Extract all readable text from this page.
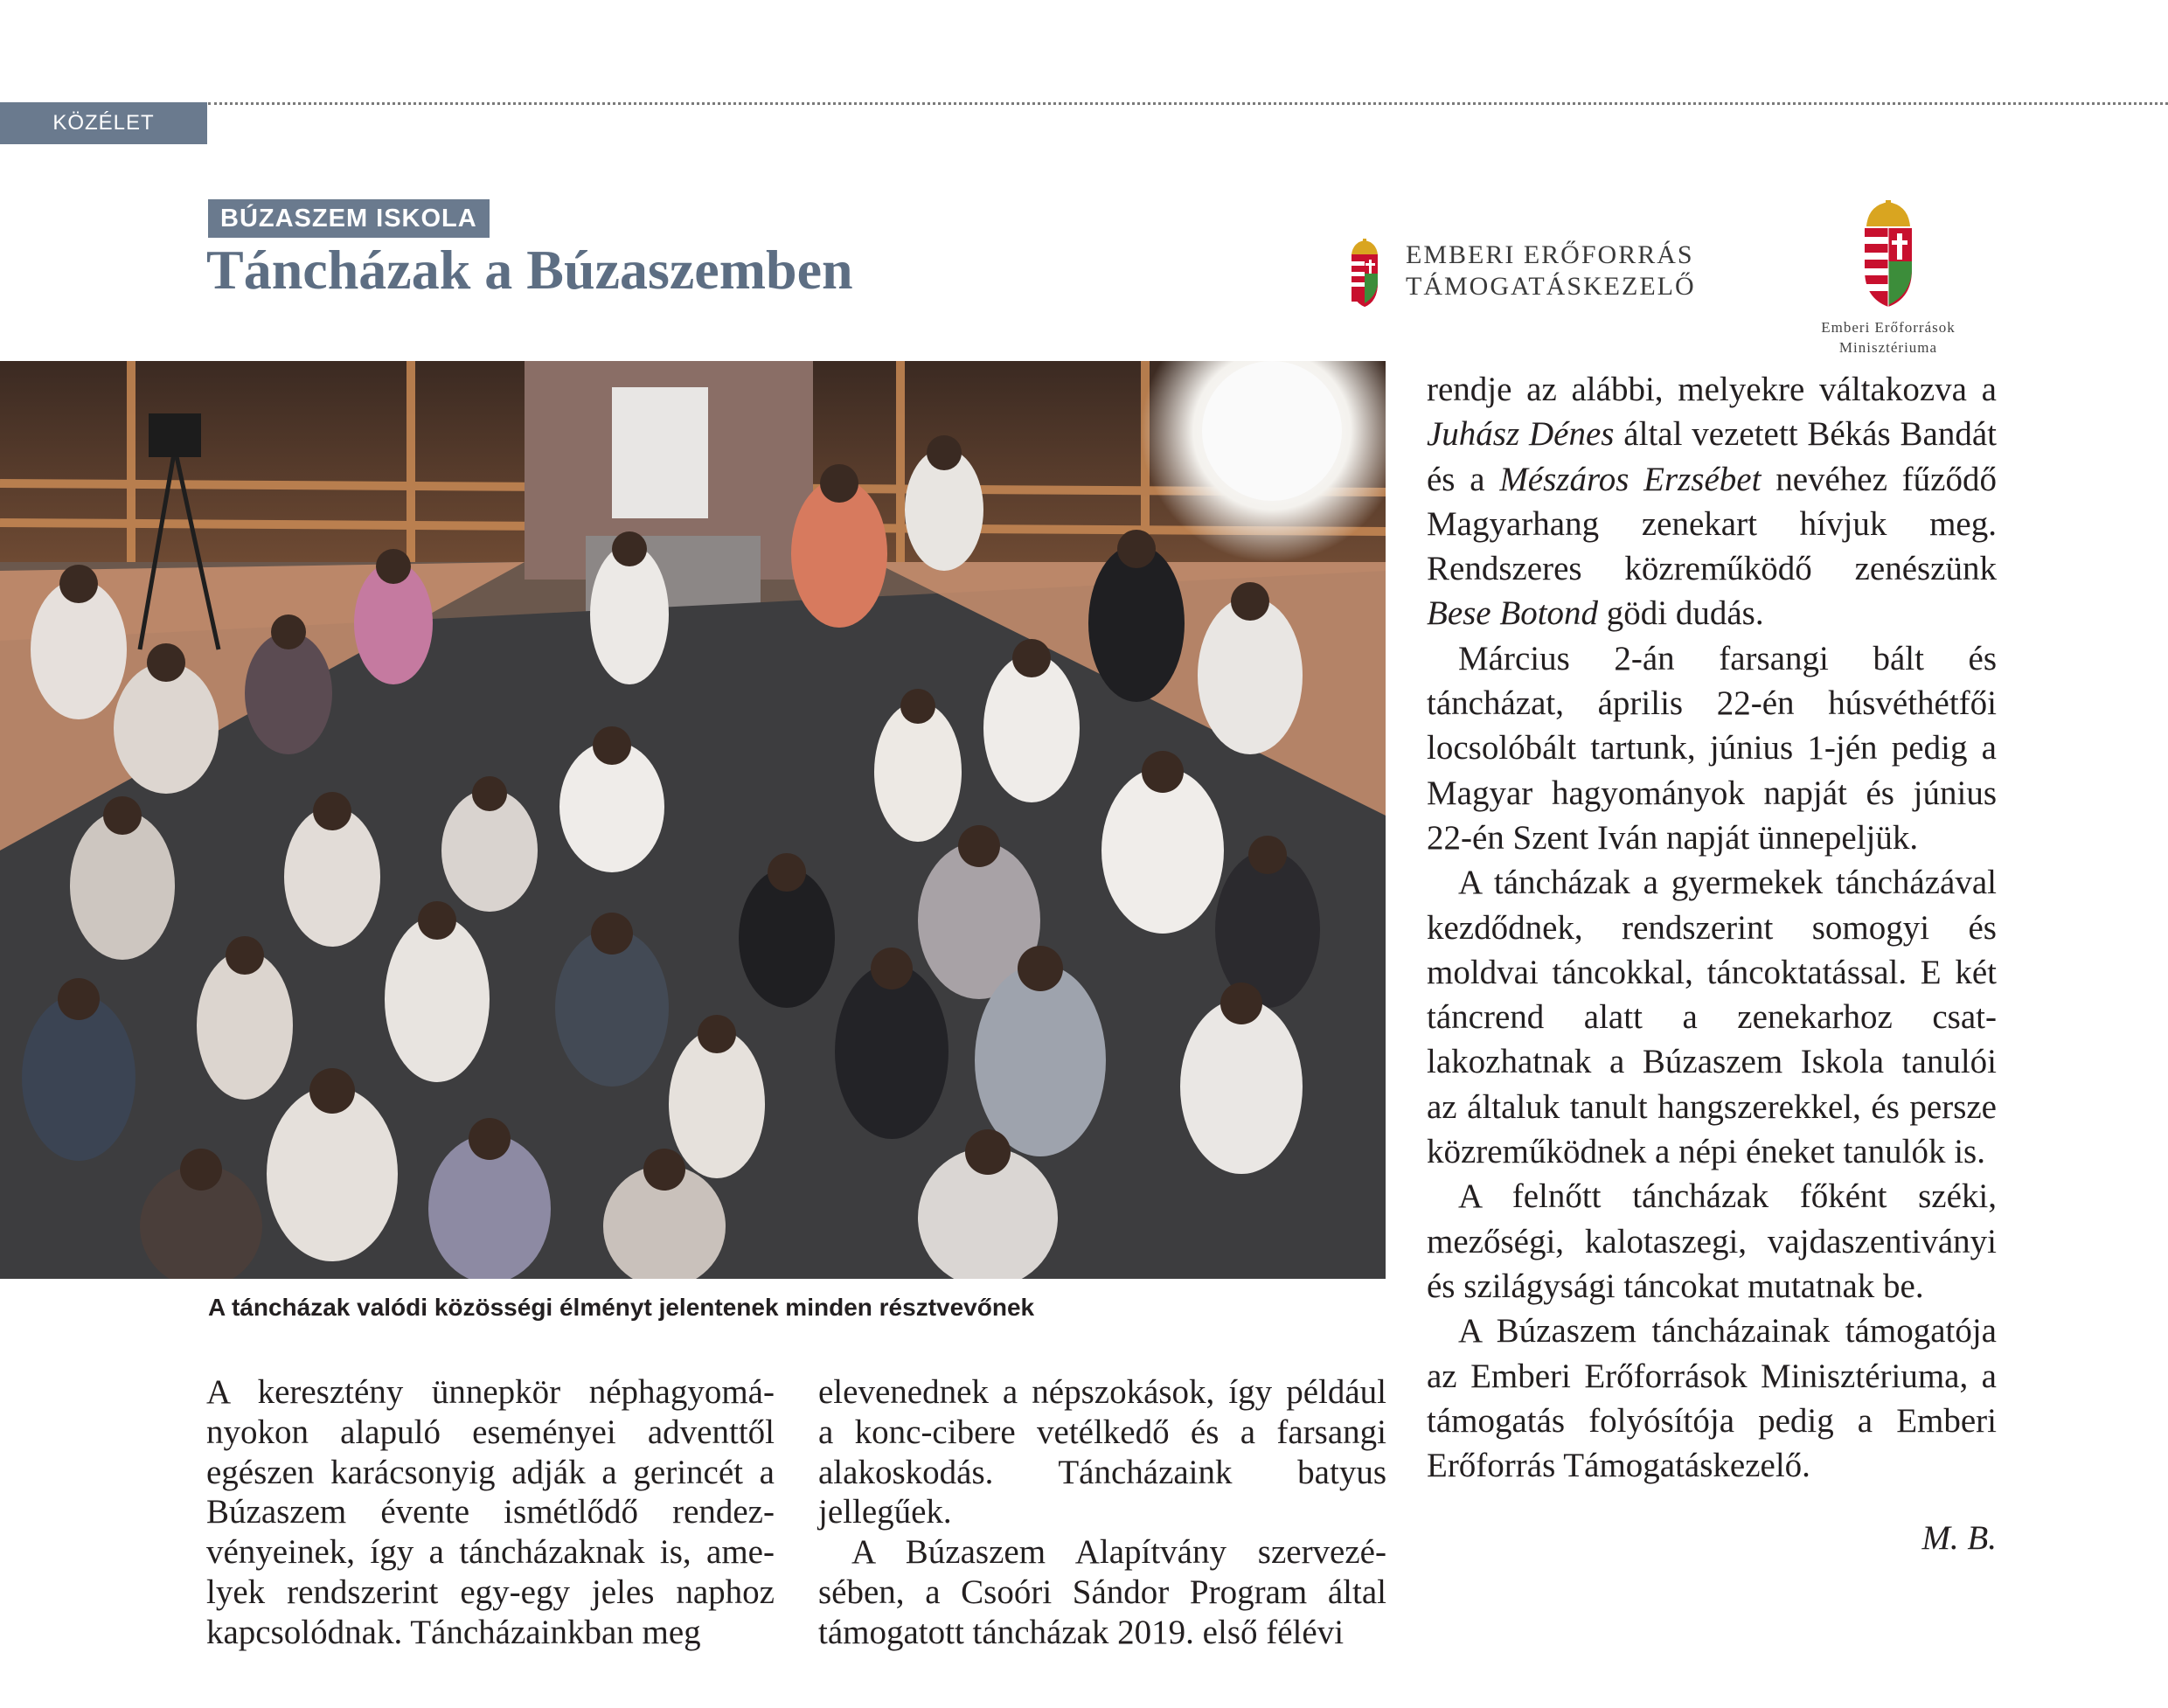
KÖZÉLET
BÚZASZEM ISKOLA
Táncházak a Búzaszemben	EMBERI ERŐFORRÁS
TÁMOGATÁSKEZELŐ
Emberi Erőforrások
Minisztériuma
A táncházak valódi közösségi élményt jelentenek minden résztvevőnek

A keresztény ünnepkör néphagyományokon alapuló eseményei adventtől egészen karácsonyig adják a gerincét a Búzaszem évente ismétlődő rendezvényeinek, így a táncházaknak is, amelyek rendszerint egy-egy jeles naphoz kapcsolódnak. Táncházainkban meg

elevenednek a népszokások, így például a konc-cibere vetélkedő és a farsangi alakoskodás. Táncházaink batyus jellegűek.

A Búzaszem Alapítvány szervezésében, a Csoóri Sándor Program által támogatott táncházak 2019. első félévi

rendje az alábbi, melyekre váltakozva a Juhász Dénes által vezetett Békás Bandát és a Mészáros Erzsébet nevéhez fűződő Magyarhang zenekart hívjuk meg. Rendszeres közreműködő zenészünk Bese Botond gödi dudás.

Március 2-án farsangi bált és táncházat, április 22-én húsvéthétfői locsolóbált tartunk, június 1-jén pedig a Magyar hagyományok napját és június 22-én Szent Iván napját ünnepeljük.

A táncházak a gyermekek táncházával kezdődnek, rendszerint somogyi és moldvai táncokkal, táncoktatással. E két táncrend alatt a zenekarhoz csatlakozhatnak a Búzaszem Iskola tanulói az általuk tanult hangszerekkel, és persze közreműködnek a népi éneket tanulók is.

A felnőtt táncházak főként széki, mezőségi, kalotaszegi, vajdaszentiványi és szilágysági táncokat mutatnak be.

A Búzaszem táncházainak támogatója az Emberi Erőforrások Minisztériuma, a támogatás folyósítója pedig a Emberi Erőforrás Támogatáskezelő.

M. B.
